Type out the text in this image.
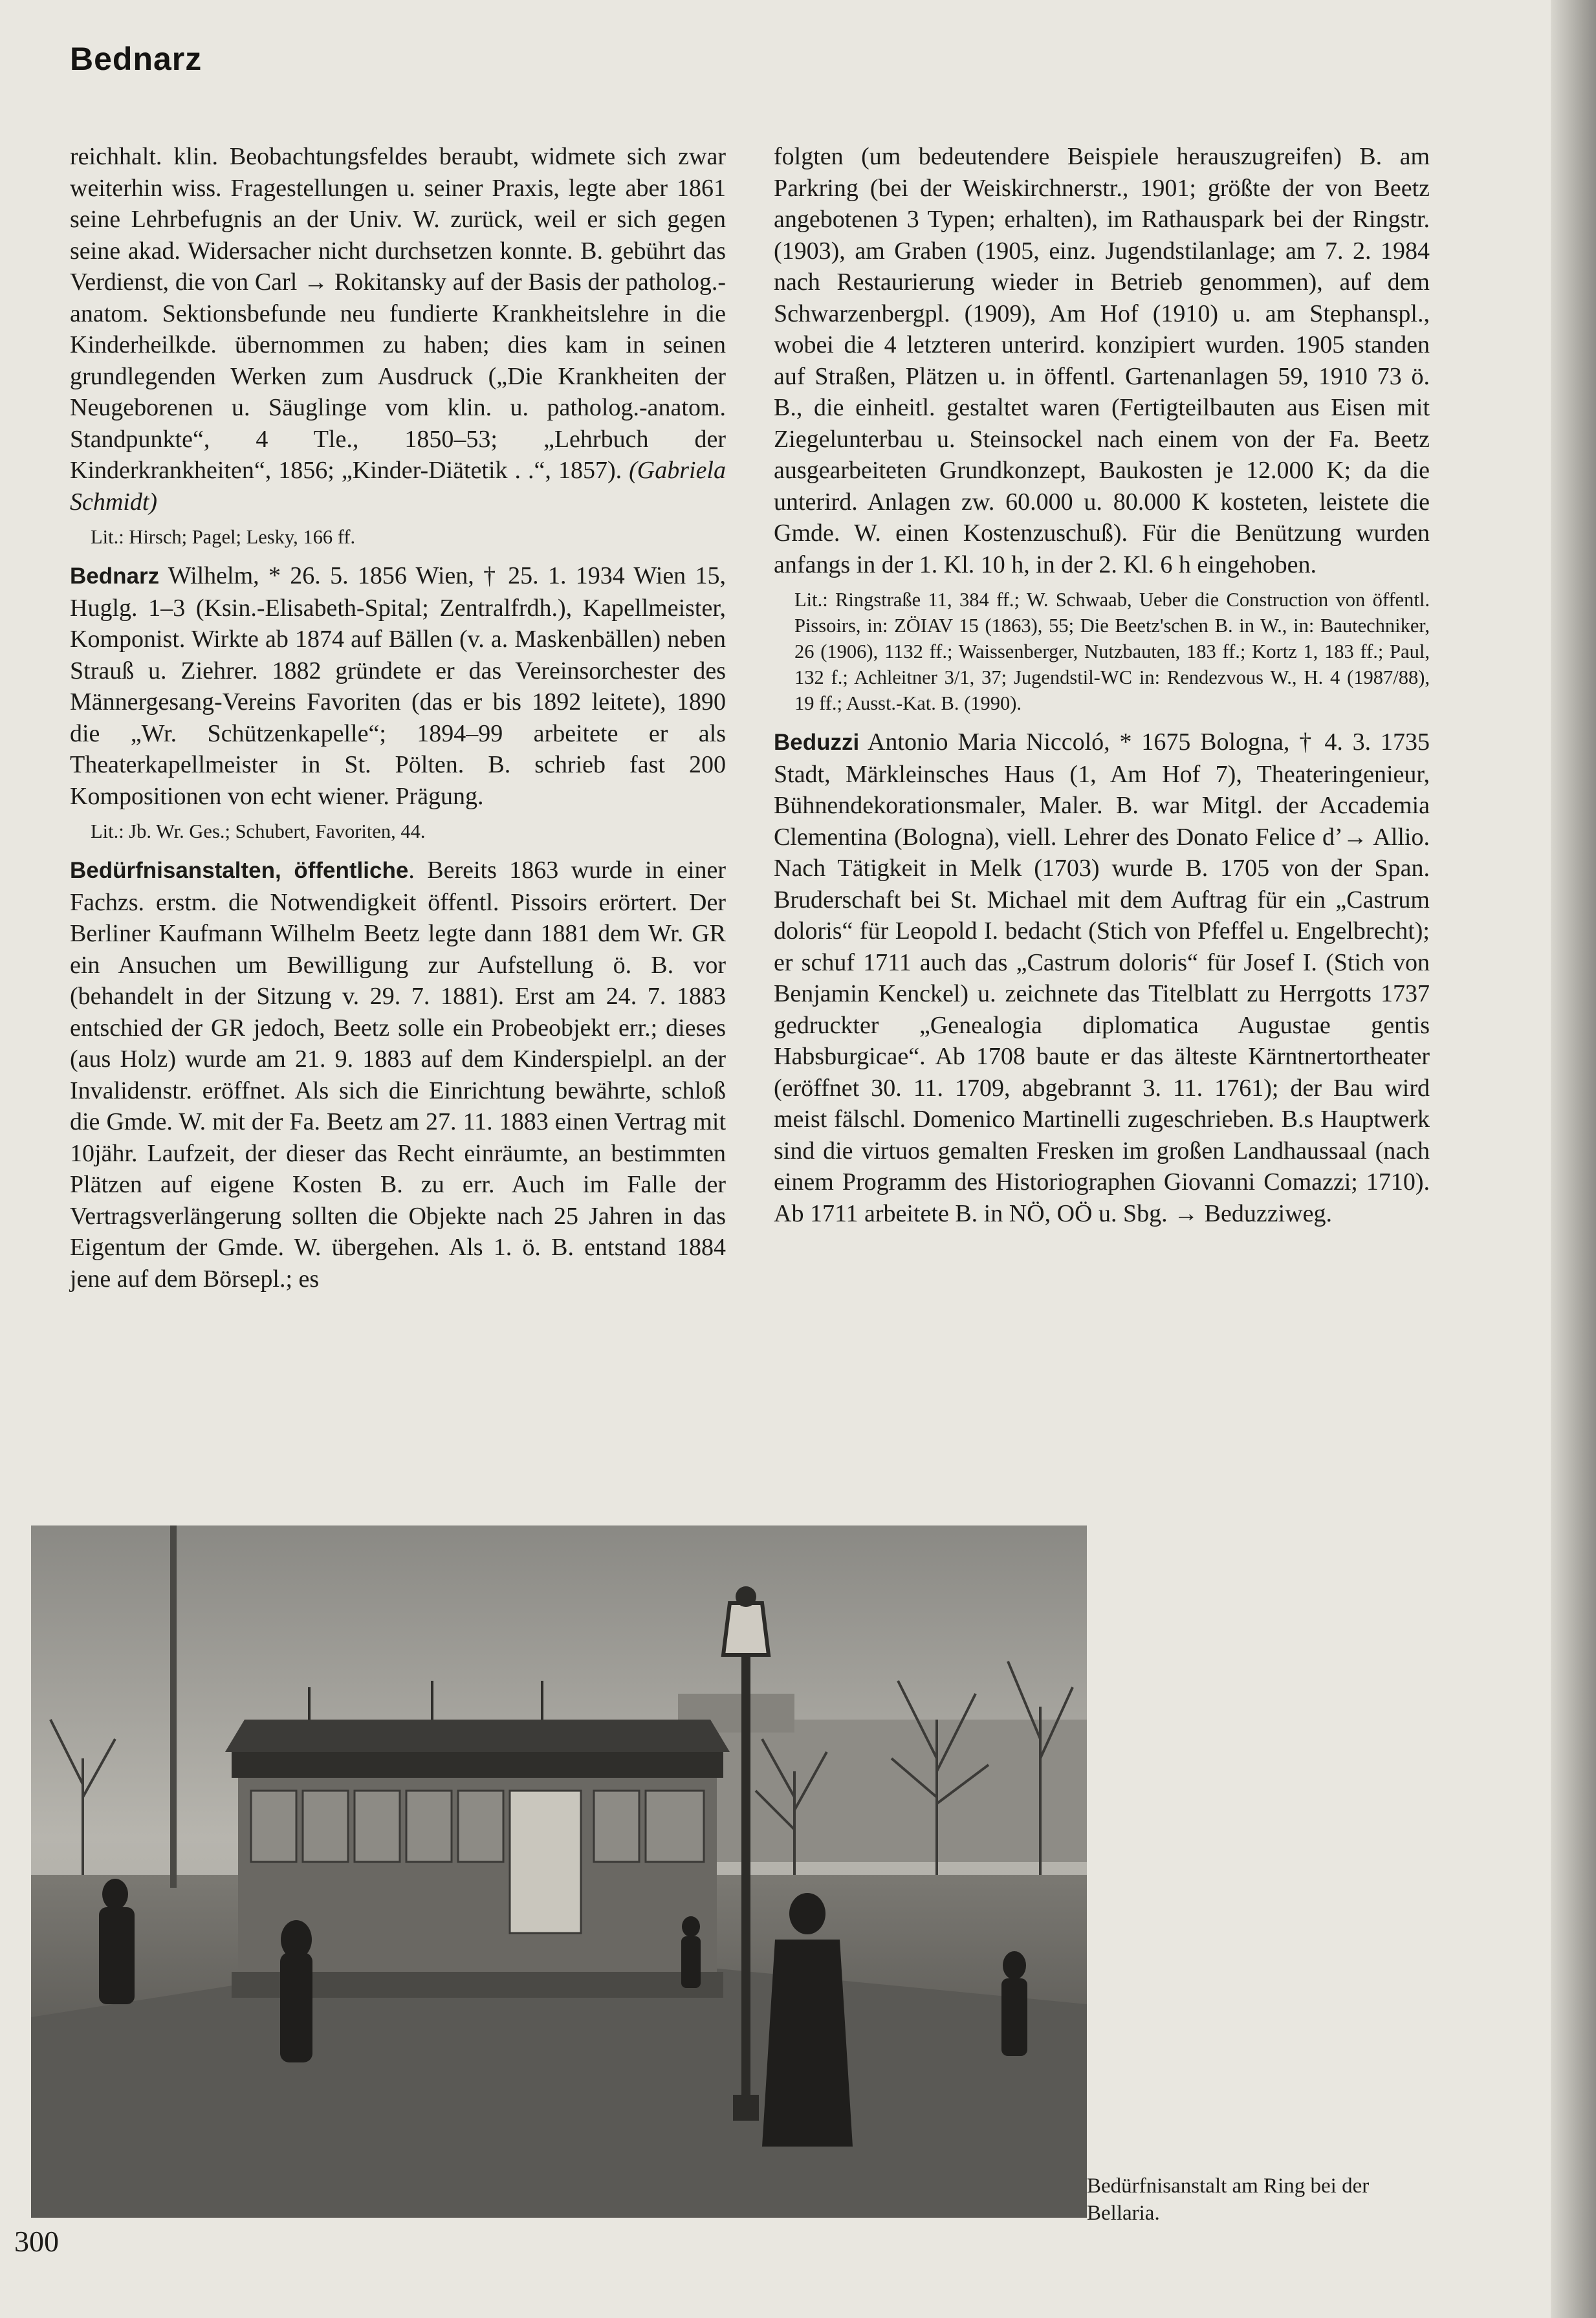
Bednarz

reichhalt. klin. Beobachtungsfeldes beraubt, widmete sich zwar weiterhin wiss. Fragestellungen u. seiner Praxis, legte aber 1861 seine Lehrbefugnis an der Univ. W. zurück, weil er sich gegen seine akad. Widersacher nicht durchsetzen konnte. B. gebührt das Verdienst, die von Carl → Rokitansky auf der Basis der patholog.-anatom. Sektionsbefunde neu fundierte Krankheitslehre in die Kinderheilkde. übernommen zu haben; dies kam in seinen grundlegenden Werken zum Ausdruck („Die Krankheiten der Neugeborenen u. Säuglinge vom klin. u. patholog.-anatom. Standpunkte“, 4 Tle., 1850–53; „Lehrbuch der Kinderkrankheiten“, 1856; „Kinder-Diätetik . .“, 1857). (Gabriela Schmidt)

Lit.: Hirsch; Pagel; Lesky, 166 ff.

Bednarz Wilhelm, * 26. 5. 1856 Wien, † 25. 1. 1934 Wien 15, Huglg. 1–3 (Ksin.-Elisabeth-Spital; Zentralfrdh.), Kapellmeister, Komponist. Wirkte ab 1874 auf Bällen (v. a. Maskenbällen) neben Strauß u. Ziehrer. 1882 gründete er das Vereinsorchester des Männergesang-Vereins Favoriten (das er bis 1892 leitete), 1890 die „Wr. Schützenkapelle“; 1894–99 arbeitete er als Theaterkapellmeister in St. Pölten. B. schrieb fast 200 Kompositionen von echt wiener. Prägung.

Lit.: Jb. Wr. Ges.; Schubert, Favoriten, 44.

Bedürfnisanstalten, öffentliche. Bereits 1863 wurde in einer Fachzs. erstm. die Notwendigkeit öffentl. Pissoirs erörtert. Der Berliner Kaufmann Wilhelm Beetz legte dann 1881 dem Wr. GR ein Ansuchen um Bewilligung zur Aufstellung ö. B. vor (behandelt in der Sitzung v. 29. 7. 1881). Erst am 24. 7. 1883 entschied der GR jedoch, Beetz solle ein Probeobjekt err.; dieses (aus Holz) wurde am 21. 9. 1883 auf dem Kinderspielpl. an der Invalidenstr. eröffnet. Als sich die Einrichtung bewährte, schloß die Gmde. W. mit der Fa. Beetz am 27. 11. 1883 einen Vertrag mit 10jähr. Laufzeit, der dieser das Recht einräumte, an bestimmten Plätzen auf eigene Kosten B. zu err. Auch im Falle der Vertragsverlängerung sollten die Objekte nach 25 Jahren in das Eigentum der Gmde. W. übergehen. Als 1. ö. B. entstand 1884 jene auf dem Börsepl.; es

folgten (um bedeutendere Beispiele herauszugreifen) B. am Parkring (bei der Weiskirchnerstr., 1901; größte der von Beetz angebotenen 3 Typen; erhalten), im Rathauspark bei der Ringstr. (1903), am Graben (1905, einz. Jugendstilanlage; am 7. 2. 1984 nach Restaurierung wieder in Betrieb genommen), auf dem Schwarzenbergpl. (1909), Am Hof (1910) u. am Stephanspl., wobei die 4 letzteren unterird. konzipiert wurden. 1905 standen auf Straßen, Plätzen u. in öffentl. Gartenanlagen 59, 1910 73 ö. B., die einheitl. gestaltet waren (Fertigteilbauten aus Eisen mit Ziegelunterbau u. Steinsockel nach einem von der Fa. Beetz ausgearbeiteten Grundkonzept, Baukosten je 12.000 K; da die unterird. Anlagen zw. 60.000 u. 80.000 K kosteten, leistete die Gmde. W. einen Kostenzuschuß). Für die Benützung wurden anfangs in der 1. Kl. 10 h, in der 2. Kl. 6 h eingehoben.

Lit.: Ringstraße 11, 384 ff.; W. Schwaab, Ueber die Construction von öffentl. Pissoirs, in: ZÖIAV 15 (1863), 55; Die Beetz'schen B. in W., in: Bautechniker, 26 (1906), 1132 ff.; Waissenberger, Nutzbauten, 183 ff.; Kortz 1, 183 ff.; Paul, 132 f.; Achleitner 3/1, 37; Jugendstil-WC in: Rendezvous W., H. 4 (1987/88), 19 ff.; Ausst.-Kat. B. (1990).

Beduzzi Antonio Maria Niccoló, * 1675 Bologna, † 4. 3. 1735 Stadt, Märkleinsches Haus (1, Am Hof 7), Theateringenieur, Bühnendekorationsmaler, Maler. B. war Mitgl. der Accademia Clementina (Bologna), viell. Lehrer des Donato Felice d’→ Allio. Nach Tätigkeit in Melk (1703) wurde B. 1705 von der Span. Bruderschaft bei St. Michael mit dem Auftrag für ein „Castrum doloris“ für Leopold I. bedacht (Stich von Pfeffel u. Engelbrecht); er schuf 1711 auch das „Castrum doloris“ für Josef I. (Stich von Benjamin Kenckel) u. zeichnete das Titelblatt zu Herrgotts 1737 gedruckter „Genealogia diplomatica Augustae gentis Habsburgicae“. Ab 1708 baute er das älteste Kärntnertortheater (eröffnet 30. 11. 1709, abgebrannt 3. 11. 1761); der Bau wird meist fälschl. Domenico Martinelli zugeschrieben. B.s Hauptwerk sind die virtuos gemalten Fresken im großen Landhaussaal (nach einem Programm des Historiographen Giovanni Comazzi; 1710). Ab 1711 arbeitete B. in NÖ, OÖ u. Sbg. → Beduzziweg.

Bedürfnisanstalt am Ring bei der Bellaria.
300
